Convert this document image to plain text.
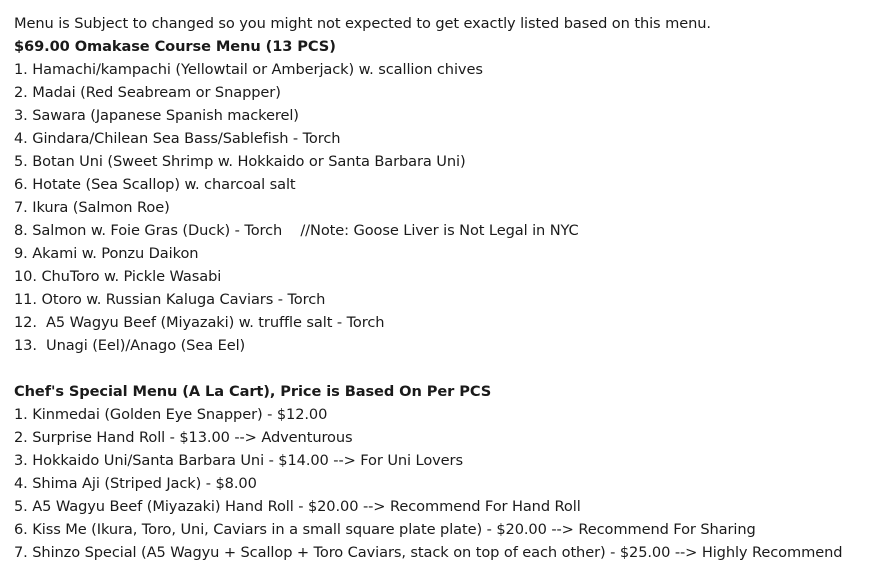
Menu is Subject to changed so you might not expected to get exactly listed based on this menu.
$69.00 Omakase Course Menu (13 PCS)
1. Hamachi/kampachi (Yellowtail or Amberjack) w. scallion chives
2. Madai (Red Seabream or Snapper)
3. Sawara (Japanese Spanish mackerel)
4. Gindara/Chilean Sea Bass/Sablefish - Torch
5. Botan Uni (Sweet Shrimp w. Hokkaido or Santa Barbara Uni)
6. Hotate (Sea Scallop) w. charcoal salt
7. Ikura (Salmon Roe)
8. Salmon w. Foie Gras (Duck) - Torch    //Note: Goose Liver is Not Legal in NYC
9. Akami w. Ponzu Daikon
10. ChuToro w. Pickle Wasabi
11. Otoro w. Russian Kaluga Caviars - Torch
12.  A5 Wagyu Beef (Miyazaki) w. truffle salt - Torch
13.  Unagi (Eel)/Anago (Sea Eel)
Chef's Special Menu (A La Cart), Price is Based On Per PCS
1. Kinmedai (Golden Eye Snapper) - $12.00
2. Surprise Hand Roll - $13.00 --> Adventurous
3. Hokkaido Uni/Santa Barbara Uni - $14.00 --> For Uni Lovers
4. Shima Aji (Striped Jack) - $8.00
5. A5 Wagyu Beef (Miyazaki) Hand Roll - $20.00 --> Recommend For Hand Roll
6. Kiss Me (Ikura, Toro, Uni, Caviars in a small square plate plate) - $20.00 --> Recommend For Sharing
7. Shinzo Special (A5 Wagyu + Scallop + Toro Caviars, stack on top of each other) - $25.00 --> Highly Recommend
